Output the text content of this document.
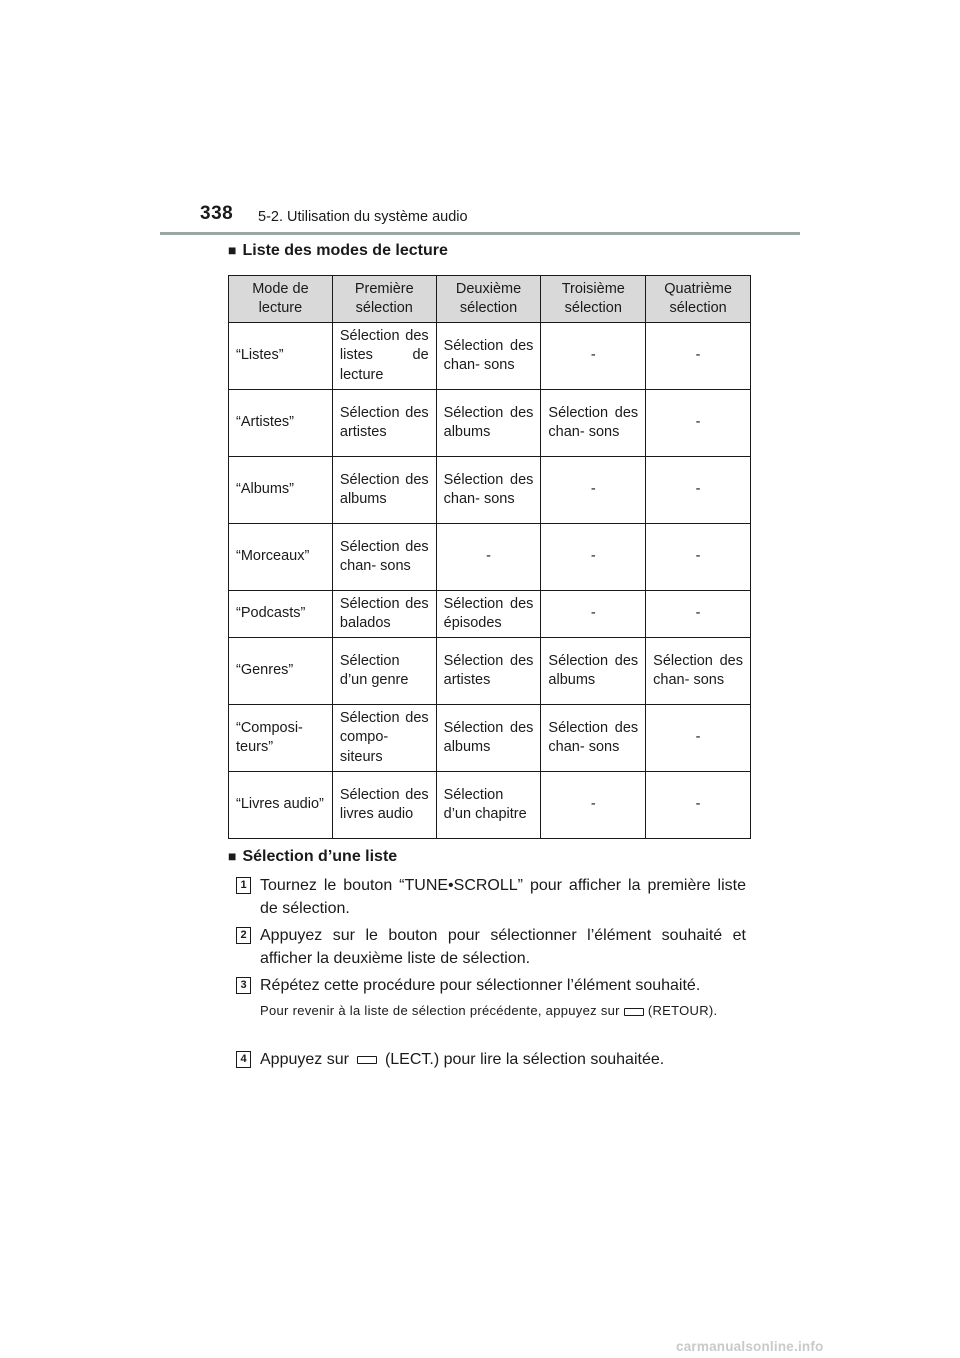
338 5-2. Utilisation du système audio
■ Liste des modes de lecture
Mode de lecture	Première sélection	Deuxième sélection	Troisième sélection	Quatrième sélection
“Listes”	Sélection des listes de lecture	Sélection des chan- sons	-	-
“Artistes”	Sélection des artistes	Sélection des albums	Sélection des chan- sons	-
“Albums”	Sélection des albums	Sélection des chan- sons	-	-
“Morceaux”	Sélection des chan- sons	-	-	-
“Podcasts”	Sélection des balados	Sélection des épisodes	-	-
“Genres”	Sélection d’un genre	Sélection des artistes	Sélection des albums	Sélection des chan- sons
“Composi- teurs”	Sélection des compo- siteurs	Sélection des albums	Sélection des chan- sons	-
“Livres audio”	Sélection des livres audio	Sélection d’un chapitre	-	-
■ Sélection d’une liste
1 Tournez le bouton “TUNE•SCROLL” pour afficher la première liste de sélection.
2 Appuyez sur le bouton pour sélectionner l’élément souhaité et afficher la deuxième liste de sélection.
3 Répétez cette procédure pour sélectionner l’élément souhaité.
Pour revenir à la liste de sélection précédente, appuyez sur (RETOUR).
4 Appuyez sur (LECT.) pour lire la sélection souhaitée.
carmanualsonline.info
